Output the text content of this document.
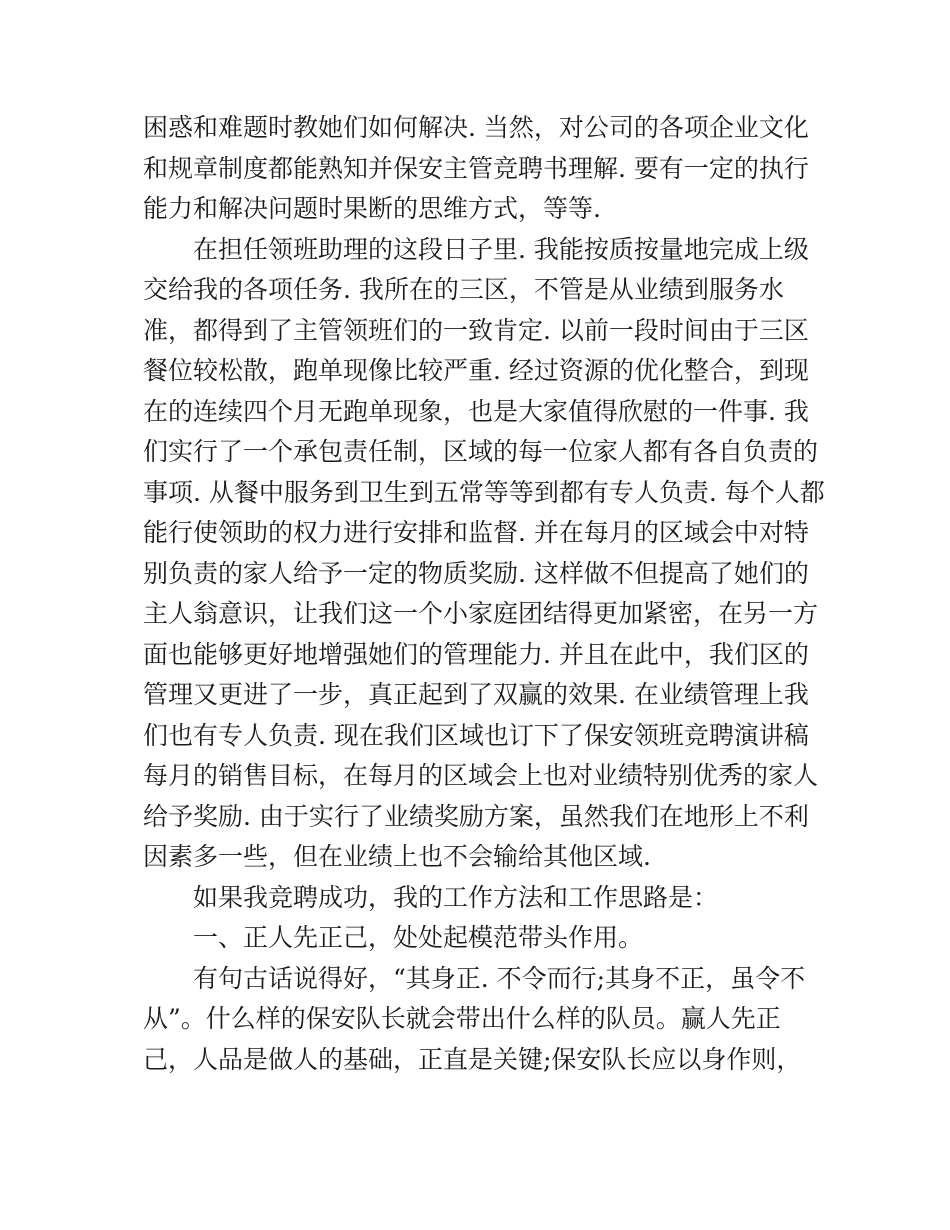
困惑和难题时教她们如何解决. 当然，对公司的各项企业文化
和规章制度都能熟知并保安主管竞聘书理解. 要有一定的执行
能力和解决问题时果断的思维方式，等等.
在担任领班助理的这段日子里. 我能按质按量地完成上级
交给我的各项任务. 我所在的三区，不管是从业绩到服务水
准，都得到了主管领班们的一致肯定. 以前一段时间由于三区
餐位较松散，跑单现像比较严重. 经过资源的优化整合，到现
在的连续四个月无跑单现象，也是大家值得欣慰的一件事. 我
们实行了一个承包责任制，区域的每一位家人都有各自负责的
事项. 从餐中服务到卫生到五常等等到都有专人负责. 每个人都
能行使领助的权力进行安排和监督. 并在每月的区域会中对特
别负责的家人给予一定的物质奖励. 这样做不但提高了她们的
主人翁意识，让我们这一个小家庭团结得更加紧密，在另一方
面也能够更好地增强她们的管理能力. 并且在此中，我们区的
管理又更进了一步，真正起到了双赢的效果. 在业绩管理上我
们也有专人负责. 现在我们区域也订下了保安领班竞聘演讲稿
每月的销售目标，在每月的区域会上也对业绩特别优秀的家人
给予奖励. 由于实行了业绩奖励方案，虽然我们在地形上不利
因素多一些，但在业绩上也不会输给其他区域.
如果我竞聘成功，我的工作方法和工作思路是：
一、正人先正己，处处起模范带头作用。
有句古话说得好，“其身正. 不令而行;其身不正，虽令不
从”。什么样的保安队长就会带出什么样的队员。赢人先正
己，人品是做人的基础，正直是关键;保安队长应以身作则，
